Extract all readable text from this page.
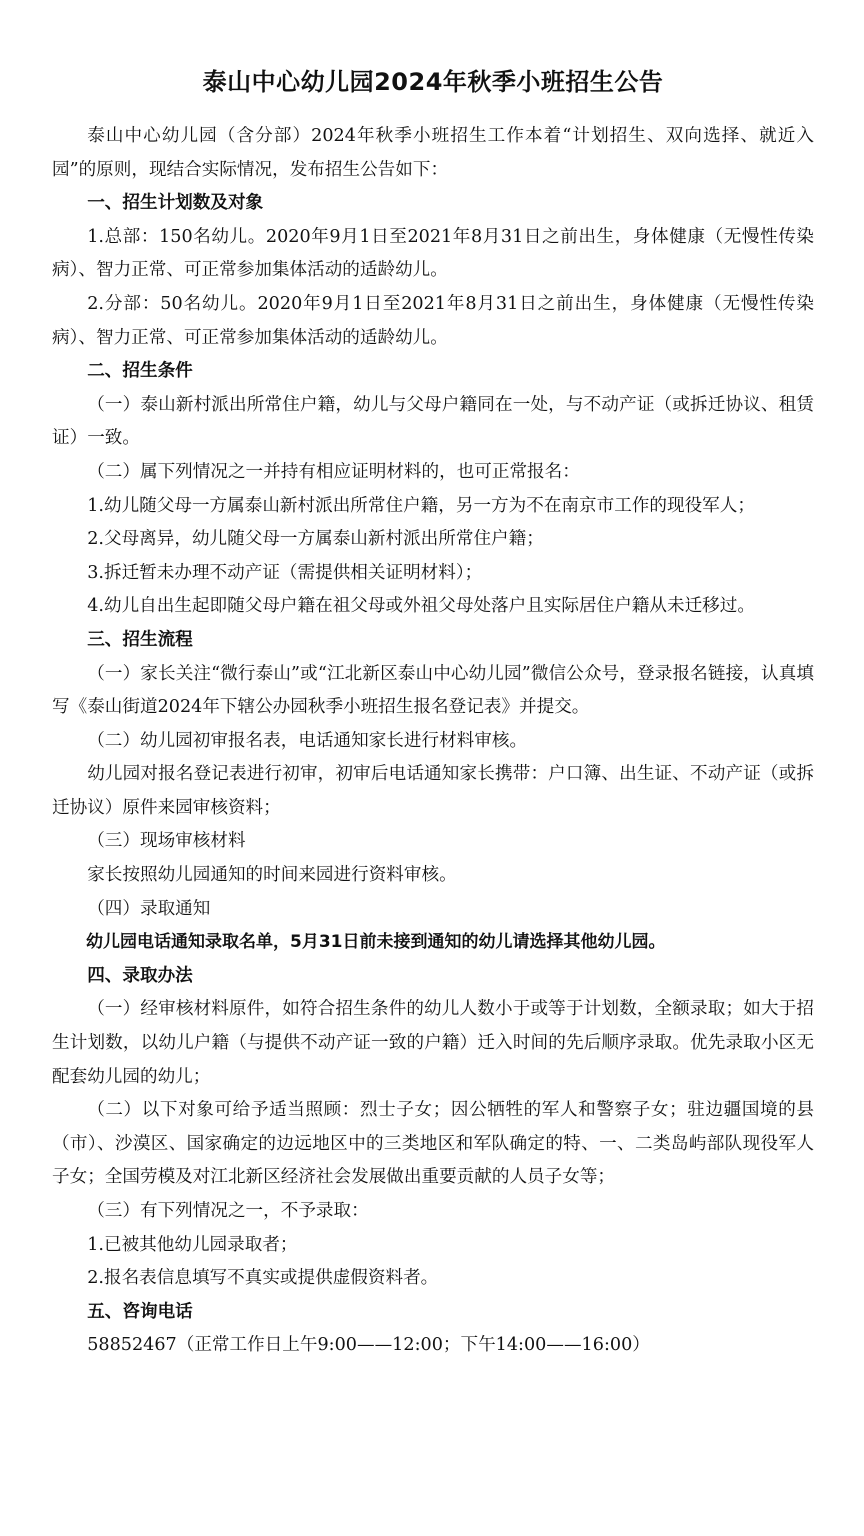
泰山中心幼儿园2024年秋季小班招生公告

泰山中心幼儿园（含分部）2024年秋季小班招生工作本着“计划招生、双向选择、就近入园”的原则，现结合实际情况，发布招生公告如下：

一、招生计划数及对象

1.总部：150名幼儿。2020年9月1日至2021年8月31日之前出生，身体健康（无慢性传染病）、智力正常、可正常参加集体活动的适龄幼儿。

2.分部：50名幼儿。2020年9月1日至2021年8月31日之前出生，身体健康（无慢性传染病）、智力正常、可正常参加集体活动的适龄幼儿。

二、招生条件

（一）泰山新村派出所常住户籍，幼儿与父母户籍同在一处，与不动产证（或拆迁协议、租赁证）一致。

（二）属下列情况之一并持有相应证明材料的，也可正常报名：

1.幼儿随父母一方属泰山新村派出所常住户籍，另一方为不在南京市工作的现役军人；

2.父母离异，幼儿随父母一方属泰山新村派出所常住户籍；

3.拆迁暂未办理不动产证（需提供相关证明材料）；

4.幼儿自出生起即随父母户籍在祖父母或外祖父母处落户且实际居住户籍从未迁移过。

三、招生流程

（一）家长关注“微行泰山”或“江北新区泰山中心幼儿园”微信公众号，登录报名链接，认真填写《泰山街道2024年下辖公办园秋季小班招生报名登记表》并提交。

（二）幼儿园初审报名表，电话通知家长进行材料审核。

幼儿园对报名登记表进行初审，初审后电话通知家长携带：户口簿、出生证、不动产证（或拆迁协议）原件来园审核资料；

（三）现场审核材料

家长按照幼儿园通知的时间来园进行资料审核。

（四）录取通知

幼儿园电话通知录取名单，5月31日前未接到通知的幼儿请选择其他幼儿园。

四、录取办法

（一）经审核材料原件，如符合招生条件的幼儿人数小于或等于计划数，全额录取；如大于招生计划数，以幼儿户籍（与提供不动产证一致的户籍）迁入时间的先后顺序录取。优先录取小区无配套幼儿园的幼儿；

（二）以下对象可给予适当照顾：烈士子女；因公牺牲的军人和警察子女；驻边疆国境的县（市）、沙漠区、国家确定的边远地区中的三类地区和军队确定的特、一、二类岛屿部队现役军人子女；全国劳模及对江北新区经济社会发展做出重要贡献的人员子女等；

（三）有下列情况之一，不予录取：

1.已被其他幼儿园录取者；

2.报名表信息填写不真实或提供虚假资料者。

五、咨询电话

58852467（正常工作日上午9:00——12:00；下午14:00——16:00）
